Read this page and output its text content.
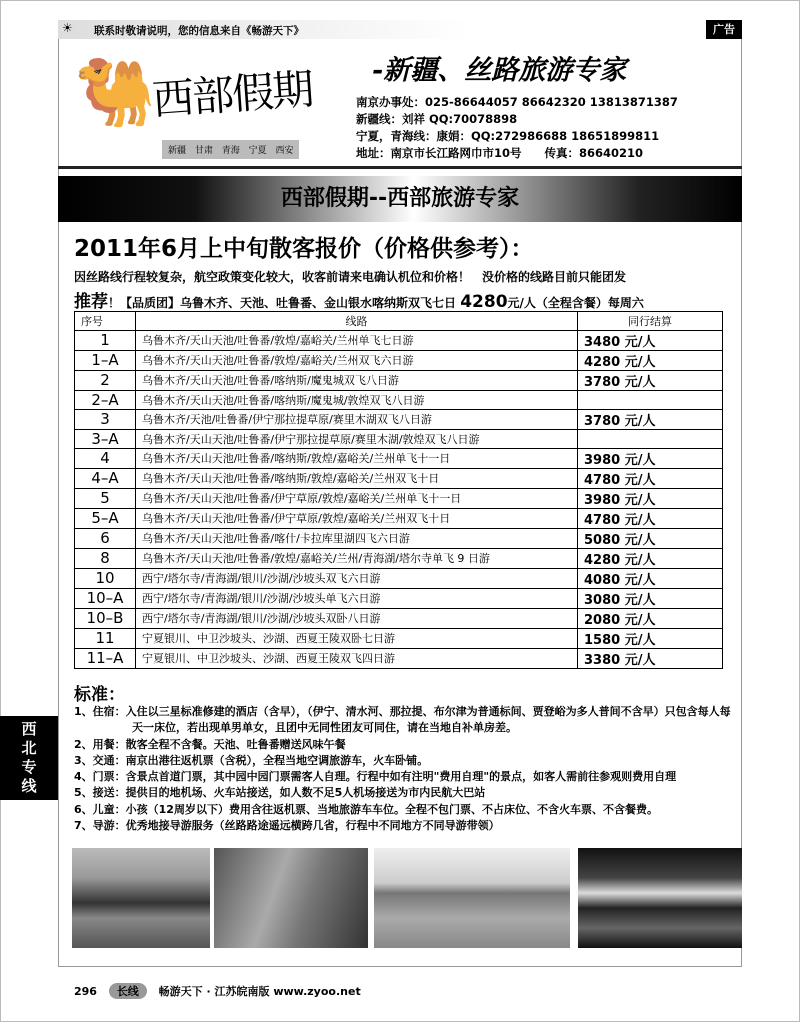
☀ 联系时敬请说明，您的信息来自《畅游天下》	广告
🐫
西部假期
新疆 甘肃 青海 宁夏 西安
-新疆、丝路旅游专家
南京办事处：025-86644057 86642320 13813871387
新疆线：刘祥 QQ:70078898
宁夏，青海线：康娟：QQ:272986688 18651899811
地址：南京市长江路网巾市10号　　传真：86640210
西部假期--西部旅游专家
2011年6月上中旬散客报价（价格供参考）：
因丝路线行程较复杂，航空政策变化较大，收客前请来电确认机位和价格！　没价格的线路目前只能团发
推荐！【品质团】乌鲁木齐、天池、吐鲁番、金山银水喀纳斯双飞七日 4280元/人（全程含餐）每周六
序号	线路	同行结算
1	乌鲁木齐/天山天池/吐鲁番/敦煌/嘉峪关/兰州单飞七日游	3480 元/人
1–A	乌鲁木齐/天山天池/吐鲁番/敦煌/嘉峪关/兰州双飞六日游	4280 元/人
2	乌鲁木齐/天山天池/吐鲁番/喀纳斯/魔鬼城双飞八日游	3780 元/人
2–A	乌鲁木齐/天山天池/吐鲁番/喀纳斯/魔鬼城/敦煌双飞八日游	
3	乌鲁木齐/天池/吐鲁番/伊宁那拉提草原/赛里木湖双飞八日游	3780 元/人
3–A	乌鲁木齐/天山天池/吐鲁番/伊宁那拉提草原/赛里木湖/敦煌双飞八日游	
4	乌鲁木齐/天山天池/吐鲁番/喀纳斯/敦煌/嘉峪关/兰州单飞十一日	3980 元/人
4–A	乌鲁木齐/天山天池/吐鲁番/喀纳斯/敦煌/嘉峪关/兰州双飞十日	4780 元/人
5	乌鲁木齐/天山天池/吐鲁番/伊宁草原/敦煌/嘉峪关/兰州单飞十一日	3980 元/人
5–A	乌鲁木齐/天山天池/吐鲁番/伊宁草原/敦煌/嘉峪关/兰州双飞十日	4780 元/人
6	乌鲁木齐/天山天池/吐鲁番/喀什/卡拉库里湖四飞六日游	5080 元/人
8	乌鲁木齐/天山天池/吐鲁番/敦煌/嘉峪关/兰州/青海湖/塔尔寺单飞 9 日游	4280 元/人
10	西宁/塔尔寺/青海湖/银川/沙湖/沙坡头双飞六日游	4080 元/人
10–A	西宁/塔尔寺/青海湖/银川/沙湖/沙坡头单飞六日游	3080 元/人
10–B	西宁/塔尔寺/青海湖/银川/沙湖/沙坡头双卧八日游	2080 元/人
11	宁夏银川、中卫沙坡头、沙湖、西夏王陵双卧七日游	1580 元/人
11–A	宁夏银川、中卫沙坡头、沙湖、西夏王陵双飞四日游	3380 元/人
标准：
1、住宿：入住以三星标准修建的酒店（含早），（伊宁、清水河、那拉提、布尔津为普通标间、贾登峪为多人普间不含早）只包含每人每天一床位，若出现单男单女，且团中无同性团友可同住，请在当地自补单房差。
2、用餐：散客全程不含餐。天池、吐鲁番赠送风味午餐
3、交通：南京出港往返机票（含税），全程当地空调旅游车，火车卧铺。
4、门票：含景点首道门票，其中园中园门票需客人自理。行程中如有注明"费用自理"的景点，如客人需前往参观则费用自理
5、接送：提供目的地机场、火车站接送，如人数不足5人机场接送为市内民航大巴站
6、儿童：小孩（12周岁以下）费用含往返机票、当地旅游车车位。全程不包门票、不占床位、不含火车票、不含餐费。
7、导游：优秀地接导游服务（丝路路途遥远横跨几省，行程中不同地方不同导游带领）
西北专线
296 长线 畅游天下 · 江苏皖南版 www.zyoo.net
